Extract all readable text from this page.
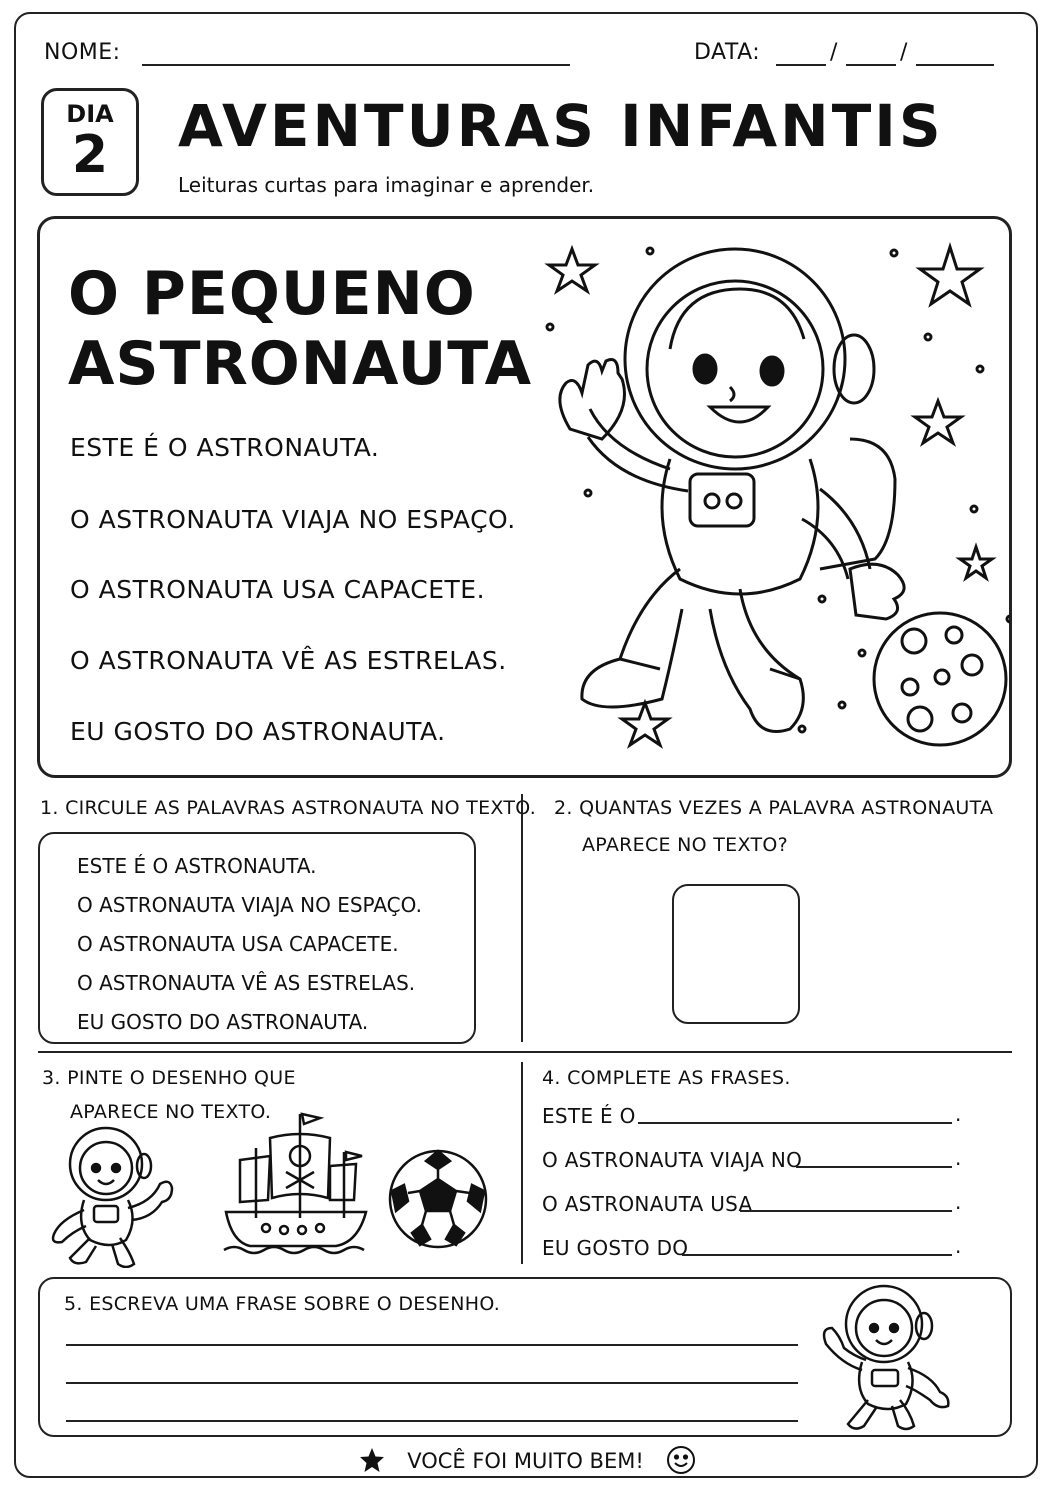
NOME:	DATA:	/	/
DIA
2	AVENTURAS INFANTIS
Leituras curtas para imaginar e aprender.
O PEQUENO
ASTRONAUTA
ESTE É O ASTRONAUTA.
O ASTRONAUTA VIAJA NO ESPAÇO.
O ASTRONAUTA USA CAPACETE.
O ASTRONAUTA VÊ AS ESTRELAS.
EU GOSTO DO ASTRONAUTA.
1. CIRCULE AS PALAVRAS ASTRONAUTA NO TEXTO.
ESTE É O ASTRONAUTA.
O ASTRONAUTA VIAJA NO ESPAÇO.
O ASTRONAUTA USA CAPACETE.
O ASTRONAUTA VÊ AS ESTRELAS.
EU GOSTO DO ASTRONAUTA.
2. QUANTAS VEZES A PALAVRA ASTRONAUTA
APARECE NO TEXTO?
3. PINTE O DESENHO QUE
APARECE NO TEXTO.
4. COMPLETE AS FRASES.
ESTE É O	.
O ASTRONAUTA VIAJA NO	.
O ASTRONAUTA USA	.
EU GOSTO DO	.
5. ESCREVA UMA FRASE SOBRE O DESENHO.
VOCÊ FOI MUITO BEM!
